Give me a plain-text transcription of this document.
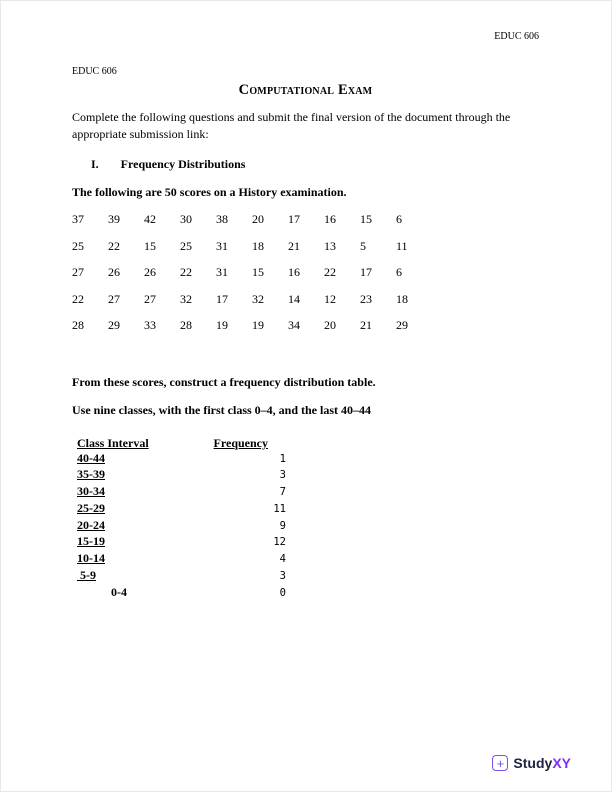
EDUC 606
EDUC 606
Computational Exam
Complete the following questions and submit the final version of the document through the appropriate submission link:
I. Frequency Distributions
The following are 50 scores on a History examination.
37	39	42	30	38	20	17	16	15	6
25	22	15	25	31	18	21	13	5	11
27	26	26	22	31	15	16	22	17	6
22	27	27	32	17	32	14	12	23	18
28	29	33	28	19	19	34	20	21	29
From these scores, construct a frequency distribution table.
Use nine classes, with the first class 0–4, and the last 40–44
Class Interval	Frequency
40-44	1
35-39	3
30-34	7
25-29	11
20-24	9
15-19	12
10-14	4
5-9	3
0-4	0
+ StudyXY
